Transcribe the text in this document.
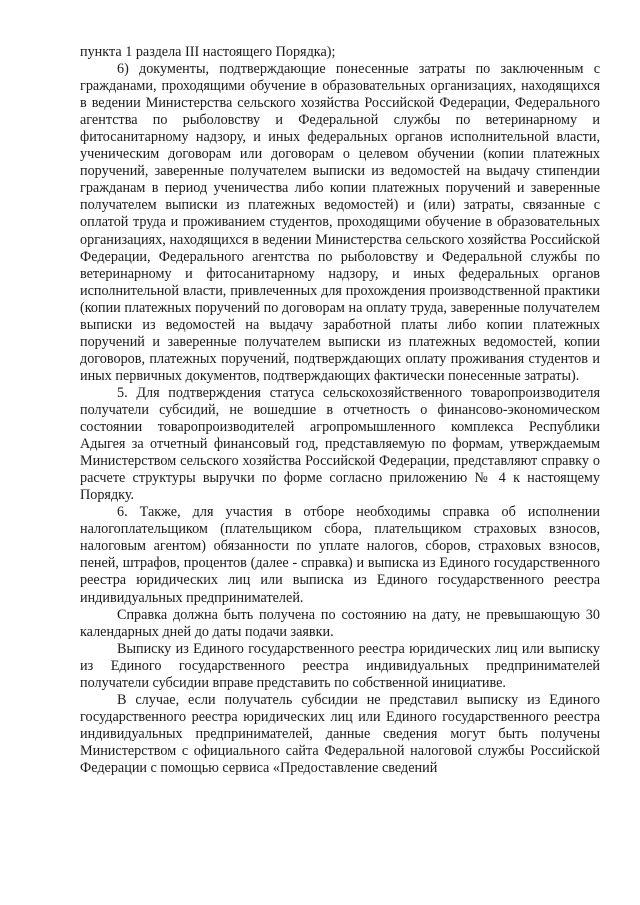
пункта 1 раздела III настоящего Порядка);

6) документы, подтверждающие понесенные затраты по заключенным с гражданами, проходящими обучение в образовательных организациях, находящихся в ведении Министерства сельского хозяйства Российской Федерации, Федерального агентства по рыболовству и Федеральной службы по ветеринарному и фитосанитарному надзору, и иных федеральных органов исполнительной власти, ученическим договорам или договорам о целевом обучении (копии платежных поручений, заверенные получателем выписки из ведомостей на выдачу стипендии гражданам в период ученичества либо копии платежных поручений и заверенные получателем выписки из платежных ведомостей) и (или) затраты, связанные с оплатой труда и проживанием студентов, проходящими обучение в образовательных организациях, находящихся в ведении Министерства сельского хозяйства Российской Федерации, Федерального агентства по рыболовству и Федеральной службы по ветеринарному и фитосанитарному надзору, и иных федеральных органов исполнительной власти, привлеченных для прохождения производственной практики (копии платежных поручений по договорам на оплату труда, заверенные получателем выписки из ведомостей на выдачу заработной платы либо копии платежных поручений и заверенные получателем выписки из платежных ведомостей, копии договоров, платежных поручений, подтверждающих оплату проживания студентов и иных первичных документов, подтверждающих фактически понесенные затраты).

5. Для подтверждения статуса сельскохозяйственного товаропроизводителя получатели субсидий, не вошедшие в отчетность о финансово-экономическом состоянии товаропроизводителей агропромышленного комплекса Республики Адыгея за отчетный финансовый год, представляемую по формам, утверждаемым Министерством сельского хозяйства Российской Федерации, представляют справку о расчете структуры выручки по форме согласно приложению № 4 к настоящему Порядку.

6. Также, для участия в отборе необходимы справка об исполнении налогоплательщиком (плательщиком сбора, плательщиком страховых взносов, налоговым агентом) обязанности по уплате налогов, сборов, страховых взносов, пеней, штрафов, процентов (далее - справка) и выписка из Единого государственного реестра юридических лиц или выписка из Единого государственного реестра индивидуальных предпринимателей.

Справка должна быть получена по состоянию на дату, не превышающую 30 календарных дней до даты подачи заявки.

Выписку из Единого государственного реестра юридических лиц или выписку из Единого государственного реестра индивидуальных предпринимателей получатели субсидии вправе представить по собственной инициативе.

В случае, если получатель субсидии не представил выписку из Единого государственного реестра юридических лиц или Единого государственного реестра индивидуальных предпринимателей, данные сведения могут быть получены Министерством с официального сайта Федеральной налоговой службы Российской Федерации с помощью сервиса «Предоставление сведений
